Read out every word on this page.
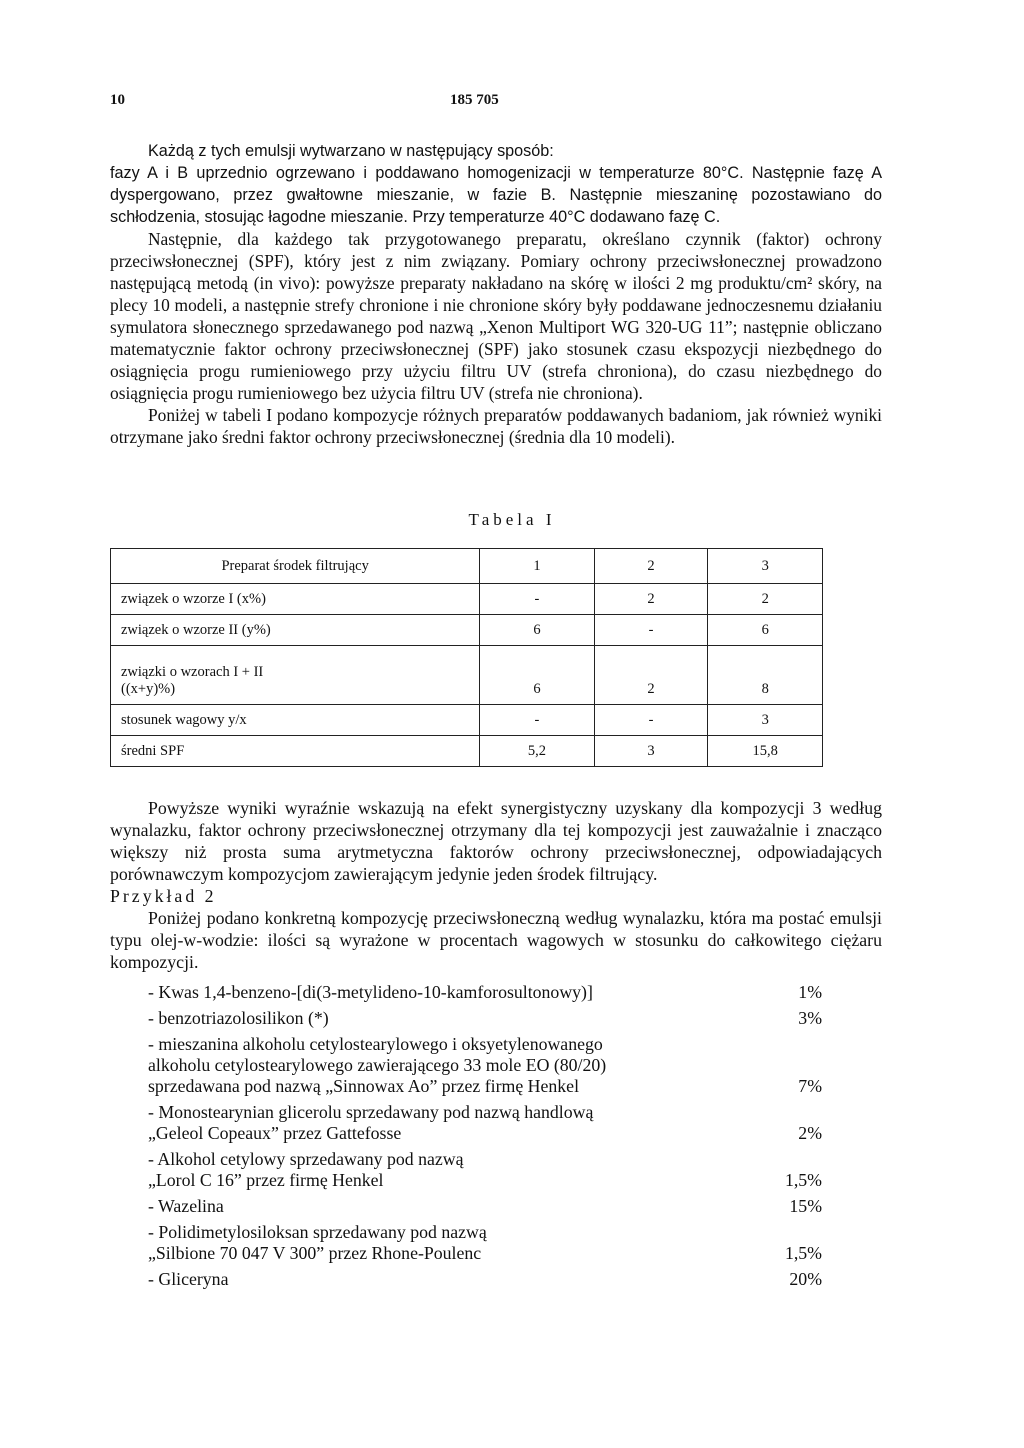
10	185 705

Każdą z tych emulsji wytwarzano w następujący sposób:

fazy A i B uprzednio ogrzewano i poddawano homogenizacji w temperaturze 80°C. Następnie fazę A dyspergowano, przez gwałtowne mieszanie, w fazie B. Następnie mieszaninę pozostawiano do schłodzenia, stosując łagodne mieszanie. Przy temperaturze 40°C dodawano fazę C.

Następnie, dla każdego tak przygotowanego preparatu, określano czynnik (faktor) ochrony przeciwsłonecznej (SPF), który jest z nim związany. Pomiary ochrony przeciwsłonecznej prowadzono następującą metodą (in vivo): powyższe preparaty nakładano na skórę w ilości 2 mg produktu/cm² skóry, na plecy 10 modeli, a następnie strefy chronione i nie chronione skóry były poddawane jednoczesnemu działaniu symulatora słonecznego sprzedawanego pod nazwą „Xenon Multiport WG 320-UG 11”; następnie obliczano matematycznie faktor ochrony przeciwsłonecznej (SPF) jako stosunek czasu ekspozycji niezbędnego do osiągnięcia progu rumieniowego przy użyciu filtru UV (strefa chroniona), do czasu niezbędnego do osiągnięcia progu rumieniowego bez użycia filtru UV (strefa nie chroniona).

Poniżej w tabeli I podano kompozycje różnych preparatów poddawanych badaniom, jak również wyniki otrzymane jako średni faktor ochrony przeciwsłonecznej (średnia dla 10 modeli).

Tabela I
Preparat środek filtrujący	1	2	3
związek o wzorze I (x%)	-	2	2
związek o wzorze II (y%)	6	-	6

związki o wzorach I + II
((x+y)%)	6	2	8
stosunek wagowy y/x	-	-	3
średni SPF	5,2	3	15,8

Powyższe wyniki wyraźnie wskazują na efekt synergistyczny uzyskany dla kompozycji 3 według wynalazku, faktor ochrony przeciwsłonecznej otrzymany dla tej kompozycji jest zauważalnie i znacząco większy niż prosta suma arytmetyczna faktorów ochrony przeciwsłonecznej, odpowiadających porównawczym kompozycjom zawierającym jedynie jeden środek filtrujący.

Przykład 2

Poniżej podano konkretną kompozycję przeciwsłoneczną według wynalazku, która ma postać emulsji typu olej-w-wodzie: ilości są wyrażone w procentach wagowych w stosunku do całkowitego ciężaru kompozycji.

- Kwas 1,4-benzeno-[di(3-metylideno-10-kamforosultonowy)]	1%
- benzotriazolosilikon (*)	3%
- mieszanina alkoholu cetylostearylowego i oksyetylenowanego
alkoholu cetylostearylowego zawierającego 33 mole EO (80/20)
sprzedawana pod nazwą „Sinnowax Ao” przez firmę Henkel	7%
- Monostearynian glicerolu sprzedawany pod nazwą handlową
„Geleol Copeaux” przez Gattefosse	2%
- Alkohol cetylowy sprzedawany pod nazwą
„Lorol C 16” przez firmę Henkel	1,5%
- Wazelina	15%
- Polidimetylosiloksan sprzedawany pod nazwą
„Silbione 70 047 V 300” przez Rhone-Poulenc	1,5%
- Gliceryna	20%
